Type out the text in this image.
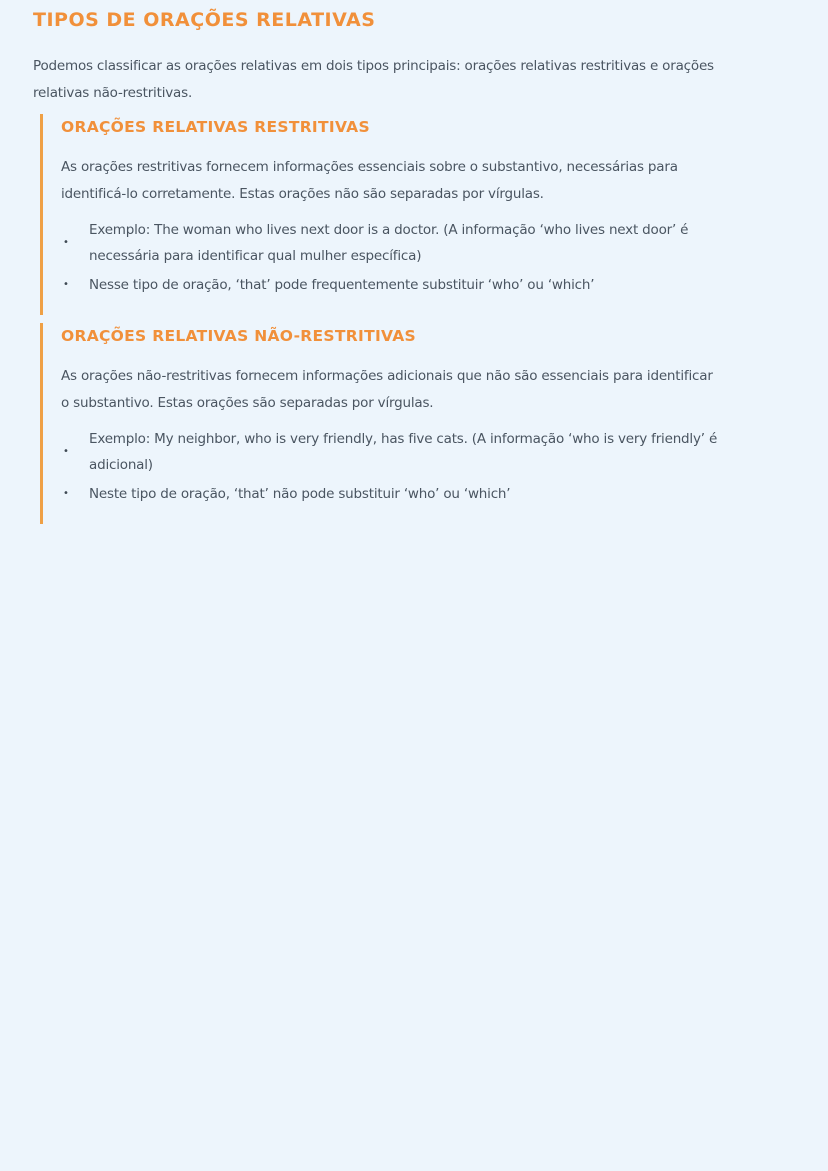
TIPOS DE ORAÇÕES RELATIVAS
Podemos classificar as orações relativas em dois tipos principais: orações relativas restritivas e orações
relativas não-restritivas.
ORAÇÕES RELATIVAS RESTRITIVAS
As orações restritivas fornecem informações essenciais sobre o substantivo, necessárias para
identificá-lo corretamente. Estas orações não são separadas por vírgulas.
•
Exemplo: The woman who lives next door is a doctor. (A informação ‘who lives next door’ é
necessária para identificar qual mulher específica)
•	Nesse tipo de oração, ‘that’ pode frequentemente substituir ‘who’ ou ‘which’
ORAÇÕES RELATIVAS NÃO-RESTRITIVAS
As orações não-restritivas fornecem informações adicionais que não são essenciais para identificar
o substantivo. Estas orações são separadas por vírgulas.
•
Exemplo: My neighbor, who is very friendly, has five cats. (A informação ‘who is very friendly’ é
adicional)
•	Neste tipo de oração, ‘that’ não pode substituir ‘who’ ou ‘which’
